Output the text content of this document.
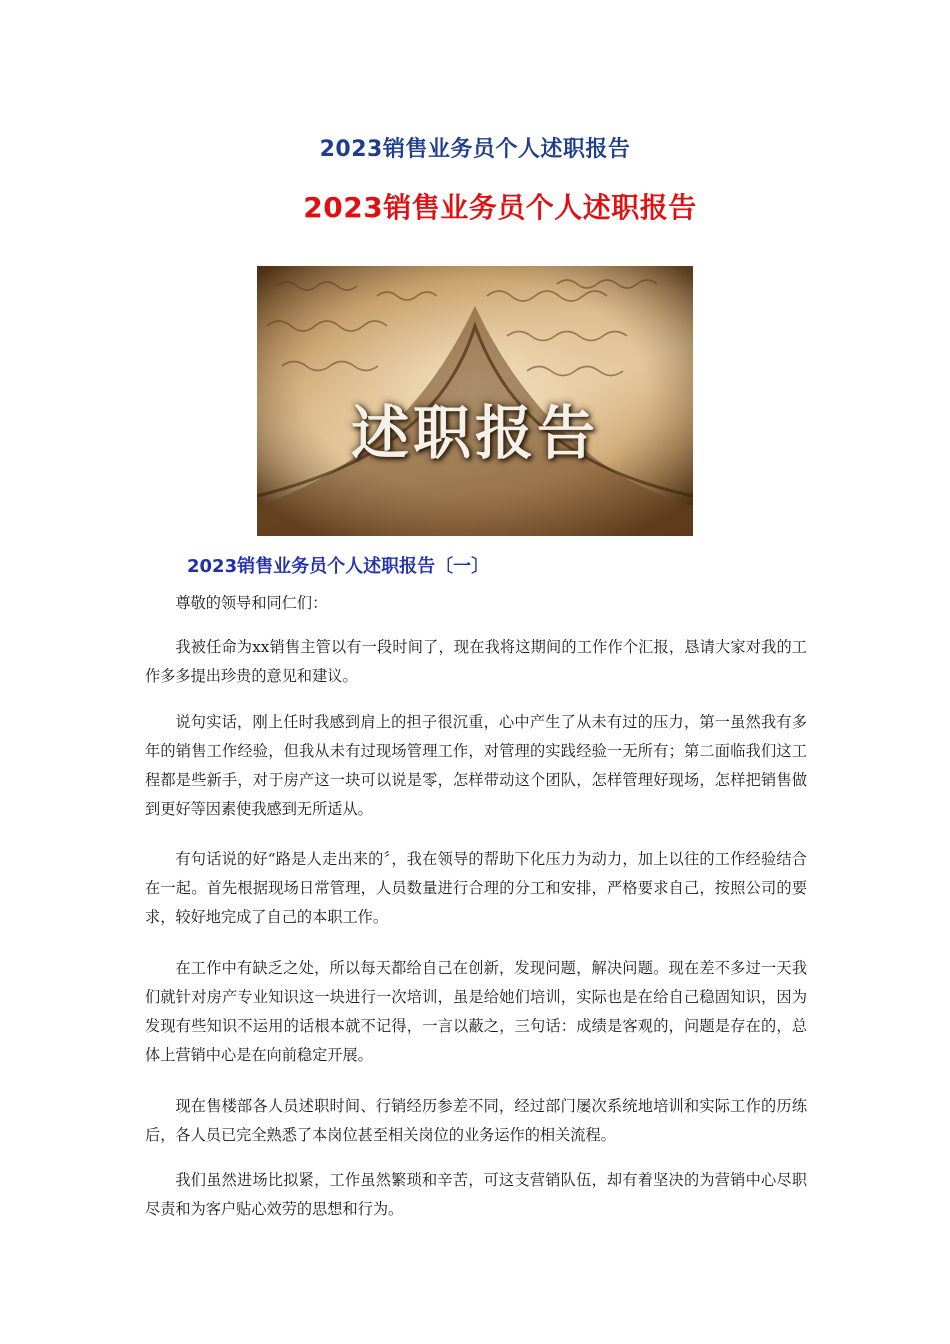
2023销售业务员个人述职报告
2023销售业务员个人述职报告
述职报告
2023销售业务员个人述职报告〔一〕

尊敬的领导和同仁们：

我被任命为xx销售主管以有一段时间了，现在我将这期间的工作作个汇报，恳请大家对我的工作多多提出珍贵的意见和建议。

说句实话，刚上任时我感到肩上的担子很沉重，心中产生了从未有过的压力，第一虽然我有多年的销售工作经验，但我从未有过现场管理工作，对管理的实践经验一无所有；第二面临我们这工程都是些新手，对于房产这一块可以说是零，怎样带动这个团队，怎样管理好现场，怎样把销售做到更好等因素使我感到无所适从。

有句话说的好“路是人走出来的〞，我在领导的帮助下化压力为动力，加上以往的工作经验结合在一起。首先根据现场日常管理，人员数量进行合理的分工和安排，严格要求自己，按照公司的要求，较好地完成了自己的本职工作。

在工作中有缺乏之处，所以每天都给自己在创新，发现问题，解决问题。现在差不多过一天我们就针对房产专业知识这一块进行一次培训，虽是给她们培训，实际也是在给自己稳固知识，因为发现有些知识不运用的话根本就不记得，一言以蔽之，三句话：成绩是客观的，问题是存在的，总体上营销中心是在向前稳定开展。

现在售楼部各人员述职时间、行销经历参差不同，经过部门屡次系统地培训和实际工作的历练后，各人员已完全熟悉了本岗位甚至相关岗位的业务运作的相关流程。

我们虽然进场比拟紧，工作虽然繁琐和辛苦，可这支营销队伍，却有着坚决的为营销中心尽职尽责和为客户贴心效劳的思想和行为。
